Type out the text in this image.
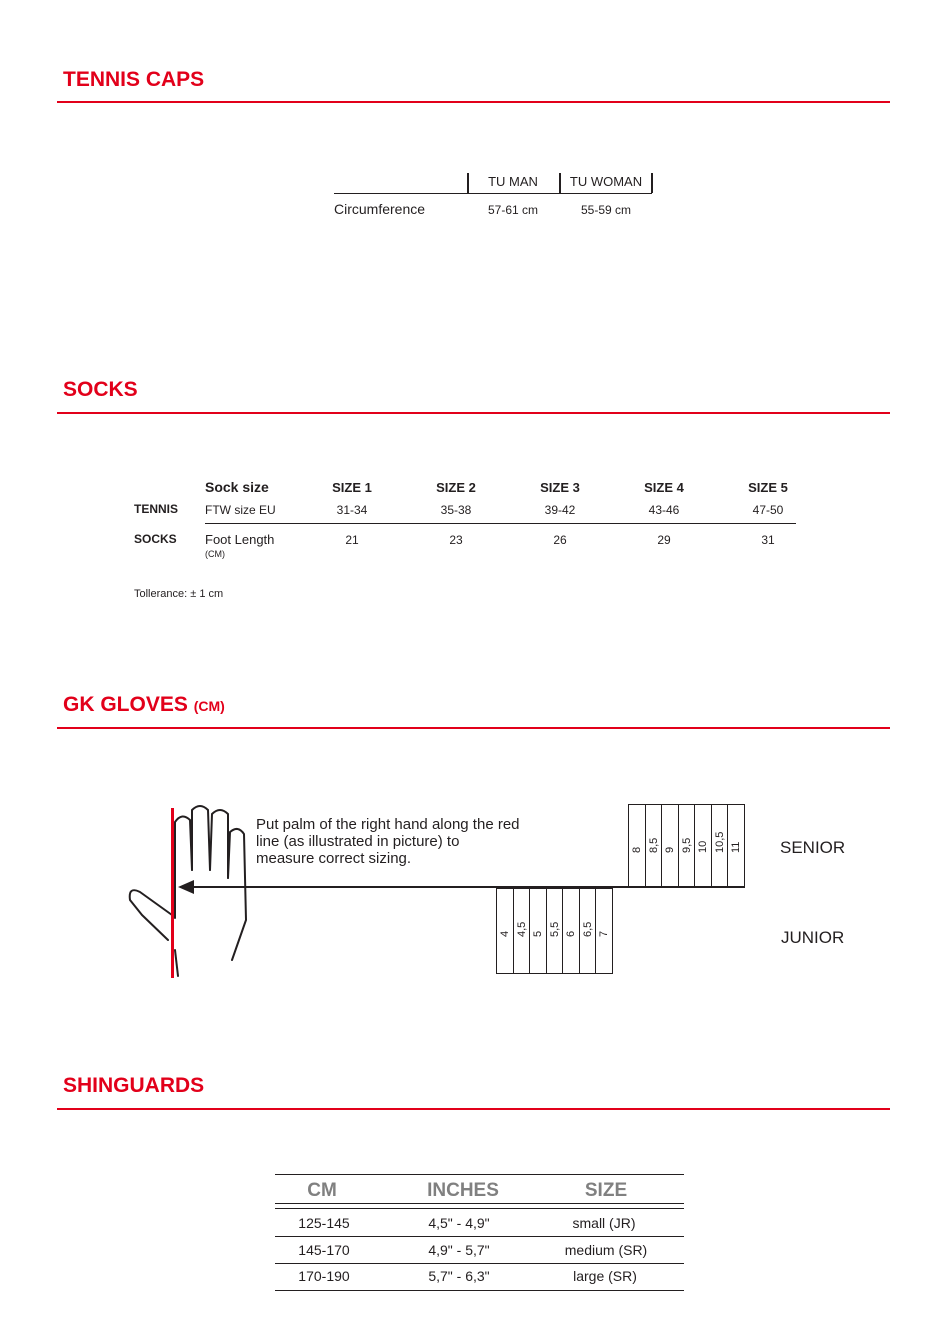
TENNIS CAPS
TU MAN TU WOMAN
Circumference	57-61 cm	55-59 cm
SOCKS
Sock size	SIZE 1	SIZE 2	SIZE 3	SIZE 4	SIZE 5
TENNIS FTW size EU	31-34	35-38	39-42	43-46	47-50
SOCKS Foot Length
(CM)
21	23	26	29	31
Tollerance: ± 1 cm
GK GLOVES (CM)
Put palm of the right hand along the red
line (as illustrated in picture) to
measure correct sizing.
8 8,5 9 9,5 10 10,5 11
4 4,5 5 5,5 6 6,5 7
SENIOR
JUNIOR
SHINGUARDS
CM	INCHES	SIZE
125-145	4,5" - 4,9"	small (JR)
145-170	4,9" - 5,7"	medium (SR)
170-190	5,7" - 6,3"	large (SR)
